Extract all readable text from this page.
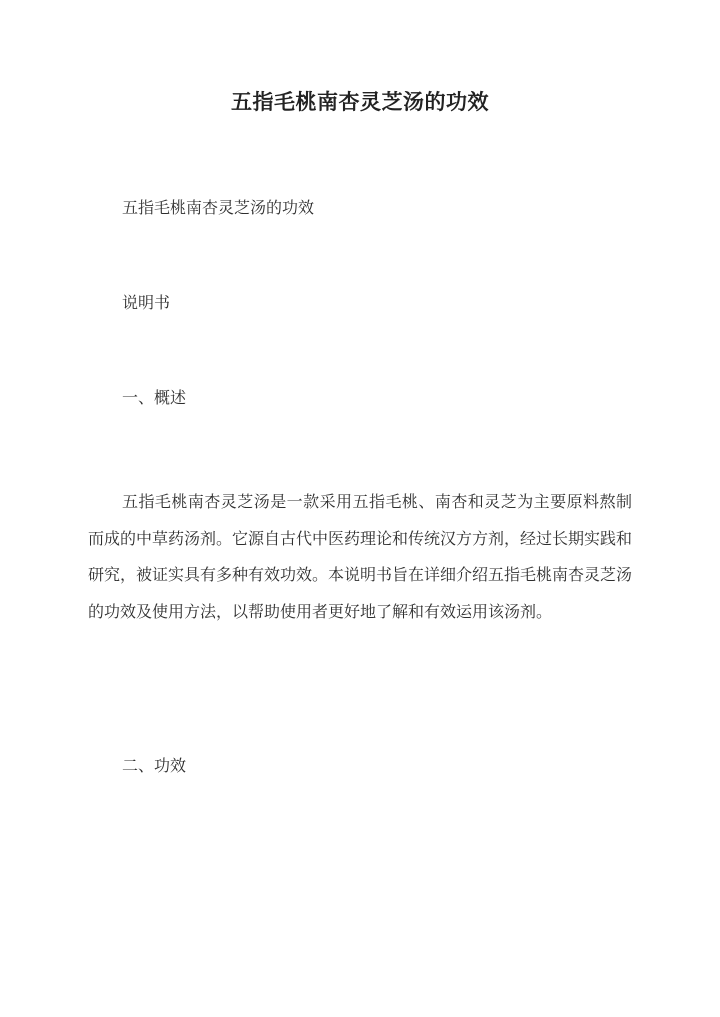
五指毛桃南杏灵芝汤的功效
五指毛桃南杏灵芝汤的功效
说明书
一、概述
五指毛桃南杏灵芝汤是一款采用五指毛桃、南杏和灵芝为主要原料熬制而成的中草药汤剂。它源自古代中医药理论和传统汉方方剂，经过长期实践和研究，被证实具有多种有效功效。本说明书旨在详细介绍五指毛桃南杏灵芝汤的功效及使用方法，以帮助使用者更好地了解和有效运用该汤剂。
二、功效
